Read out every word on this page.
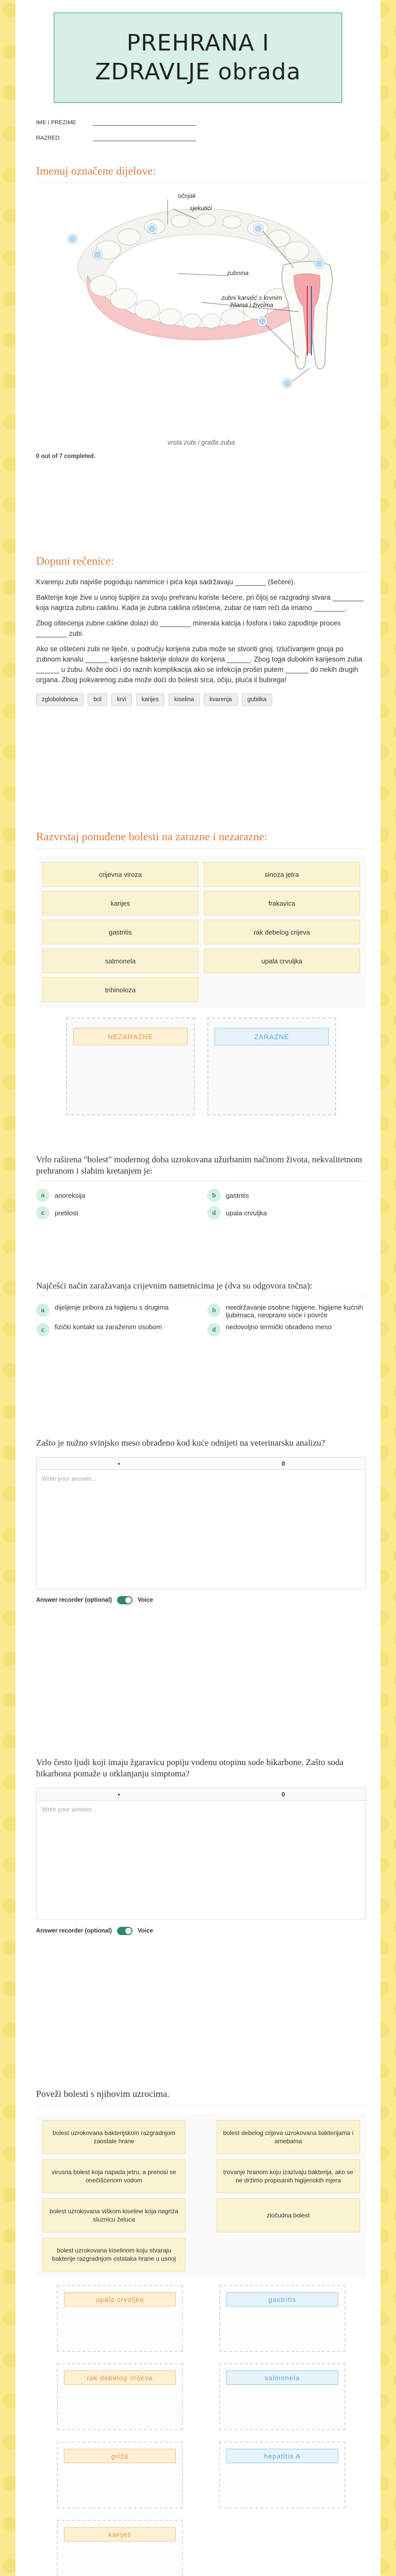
PREHRANA I
ZDRAVLJE obrada
IME I PREZIME
RAZRED:
Imenuj označene dijelove:
očnjak
sjekutići
zubnina
zubni kanalić s krvnim žilama i živcima
vrsta zubi i građa zuba
0 out of 7 completed.
Dopuni rečenice:

Kvarenju zubi najviše pogoduju namirnice i pića koja sadržavaju ________ (šećere).

Bakterije koje žive u usnoj šupljini za svoju prehranu koriste šećere, pri čijoj se razgradnji stvara ________ koja nagriza zubnu caklinu. Kada je zubna caklina oštećena, zubar će nam reći da imamo ________.

Zbog oštećenja zubne cakline dolazi do ________ minerala kalcija i fosfora i tako zapođinje proces ________ zubi.

Ako se oštećeni zubi ne liječe, u području korijena zuba može se stvoriti gnoj. Izlučivanjem gnoja po zubnom kanalu ______ karijesne bakterije dolaze do korijena ______. Zbog toga dubokim karijesom zuba ______ u zubu. Može doći i do raznih komplikacija ako se infekcija proširi putem ______ do nekih drugih organa. Zbog pokvarenog zuba može doći do bolesti srca, očiju, pluća il bubrega!

zglobolobnica	bol	krvi	karijes	kiselina	kvarenja	gubitka
Razvrstaj ponuđene bolesti na zarazne i nezarazne:
crijevna viroza	sinoza jetra
karijes	frakavica
gastritis	rak debelog crijeva
salmonela	upala crvuljka
trihinoloza
NEZARAZNE	ZARAZNE
Vrlo raširena "bolest" modernog doba uzrokovana užurbanim načinom života, nekvalitetnom prehranom i slabim kretanjem je:
a	anoreksija	b	gastritis
c	pretilost	d	upala crvuljka
Najčešći način zaražavanja crijevnim nametnicima je (dva su odgovora točna):
a	dijeljenje pribora za higijenu s drugima	b	needržavanje osobne higijene, higijene kućnih ljubimaca, neoprano voće i povrće
c	fizički kontakt sa zaraženim osobom	d	nedovoljno termički obrađeno meso
Zašto je nužno svinjsko meso obrađeno kod kuće odnijeti na veterinarsku analizu?
•	0
Write your answer...
Answer recorder (optional)	Voice
Vrlo često ljudi koji imaju žgaravicu popiju vodenu otopinu sode bikarbone. Zašto soda bikarbona pomaže u otklanjanju simptoma?
•	0
Write your answer...
Answer recorder (optional)	Voice
Poveži bolesti s njihovim uzrocima.
bolest uzrokovana bakterijskom razgradnjom zaostale hrane
bolest debelog crijeva uzrokovana bakterijama i amebama
virusna bolest koja napada jetru, a prenosi se onečišćenom vodom
trovanje hranom koju izazivaju bakterija, ako se ne držimo propisanih higijenskih mjera
bolest uzrokovana viškom kiseline koja nagriza sluznicu želuca
zločudna bolest
bolest uzrokovana kiselinom koju stvaraju bakterije razgradnjom ostataka hrane u usnoj
upala crvuljka	gastritis
rak debelog crijeva	salmonela
griža	hepatitis A
karijes
